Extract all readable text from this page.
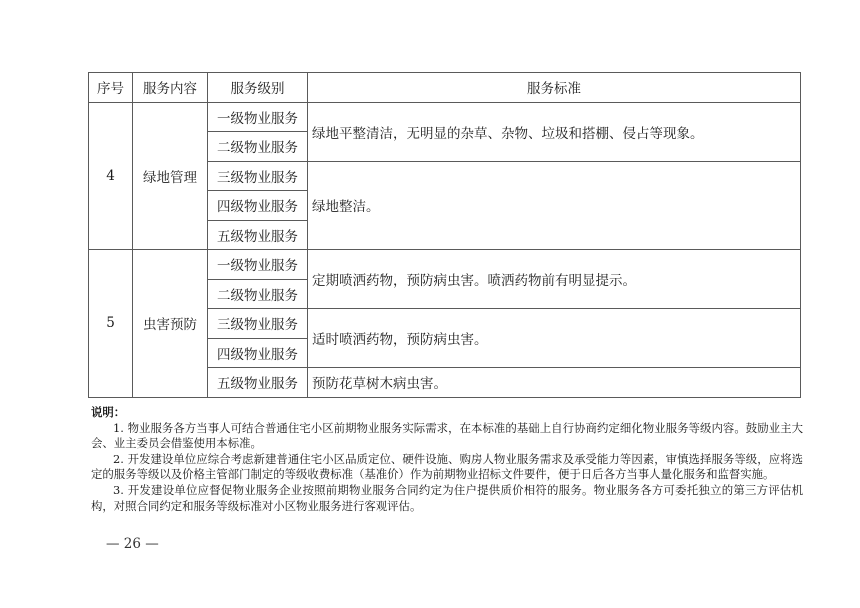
序号	服务内容	服务级别	服务标准
4	绿地管理	一级物业服务	绿地平整清洁，无明显的杂草、杂物、垃圾和搭棚、侵占等现象。
		二级物业服务	
		三级物业服务	绿地整洁。
		四级物业服务	
		五级物业服务	
5	虫害预防	一级物业服务	定期喷洒药物，预防病虫害。喷洒药物前有明显提示。
		二级物业服务	
		三级物业服务	适时喷洒药物，预防病虫害。
		四级物业服务	
		五级物业服务	预防花草树木病虫害。
说明：

1. 物业服务各方当事人可结合普通住宅小区前期物业服务实际需求，在本标准的基础上自行协商约定细化物业服务等级内容。鼓励业主大会、业主委员会借鉴使用本标准。

2. 开发建设单位应综合考虑新建普通住宅小区品质定位、硬件设施、购房人物业服务需求及承受能力等因素，审慎选择服务等级，应将选定的服务等级以及价格主管部门制定的等级收费标准（基准价）作为前期物业招标文件要件，便于日后各方当事人量化服务和监督实施。

3. 开发建设单位应督促物业服务企业按照前期物业服务合同约定为住户提供质价相符的服务。物业服务各方可委托独立的第三方评估机构，对照合同约定和服务等级标准对小区物业服务进行客观评估。

— 26 —
